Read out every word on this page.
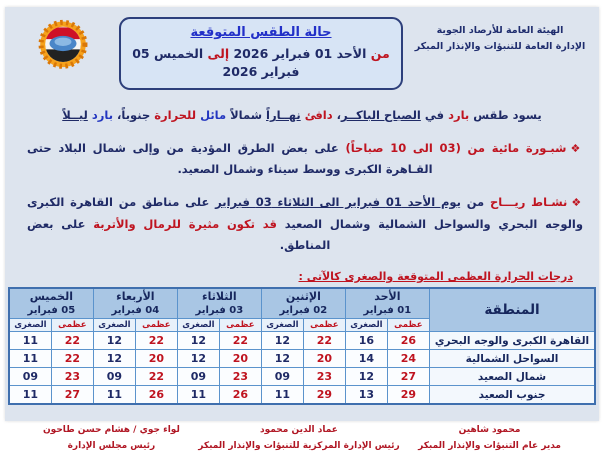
الهيئة العامة للأرصاد الجوية
الإدارة العامة للتنبؤات والإنذار المبكر
حالة الطقس المتوقعة
من الأحد 01 فبراير 2026 إلى الخميس 05 فبراير 2026
يسود طقس بارد في الصباح الباكــر، دافئ نهــاراً شمالاً مائل للحرارة جنوباً، بارد ليــلاً
❖شبـورة مائية من (03 الى 10 صباحاً) على بعض الطرق المؤدية من وإلى شمال البلاد حتى القـاهرة الكبرى ووسط سيناء وشمال الصعيد.
❖نشـاط ريـــاح من يوم الأحد 01 فبراير الى الثلاثاء 03 فبراير على مناطق من القاهرة الكبرى والوجه البحري والسواحل الشمالية وشمال الصعيد قد تكون مثيرة للرمال والأتربة على بعض المناطق.
درجات الحرارة العظمى المتوقعة والصغرى كالآتى :
المنطقة	
الأحد
01 فبراير

الإثنين
02 فبراير

الثلاثاء
03 فبراير

الأربعاء
04 فبراير

الخميس
05 فبراير

	عظمى	الصغرى	عظمى	الصغرى	عظمى	الصغرى	عظمى	الصغرى	عظمى	الصغرى
القاهرة الكبرى والوجه البحري	26	16	22	12	22	12	22	12	22	11
السواحل الشمالية	24	14	20	12	20	12	20	12	22	11
شمال الصعيد	27	12	23	09	23	09	22	09	23	09
جنوب الصعيد	29	13	29	11	26	11	26	11	27	11
محمود شاهين
مدير عام التنبؤات والإنذار المبكر
عماد الدين محمود
رئيس الإدارة المركزية للتنبؤات والإنذار المبكر
لواء جوي / هشام حسن طاحون
رئيس مجلس الإدارة
